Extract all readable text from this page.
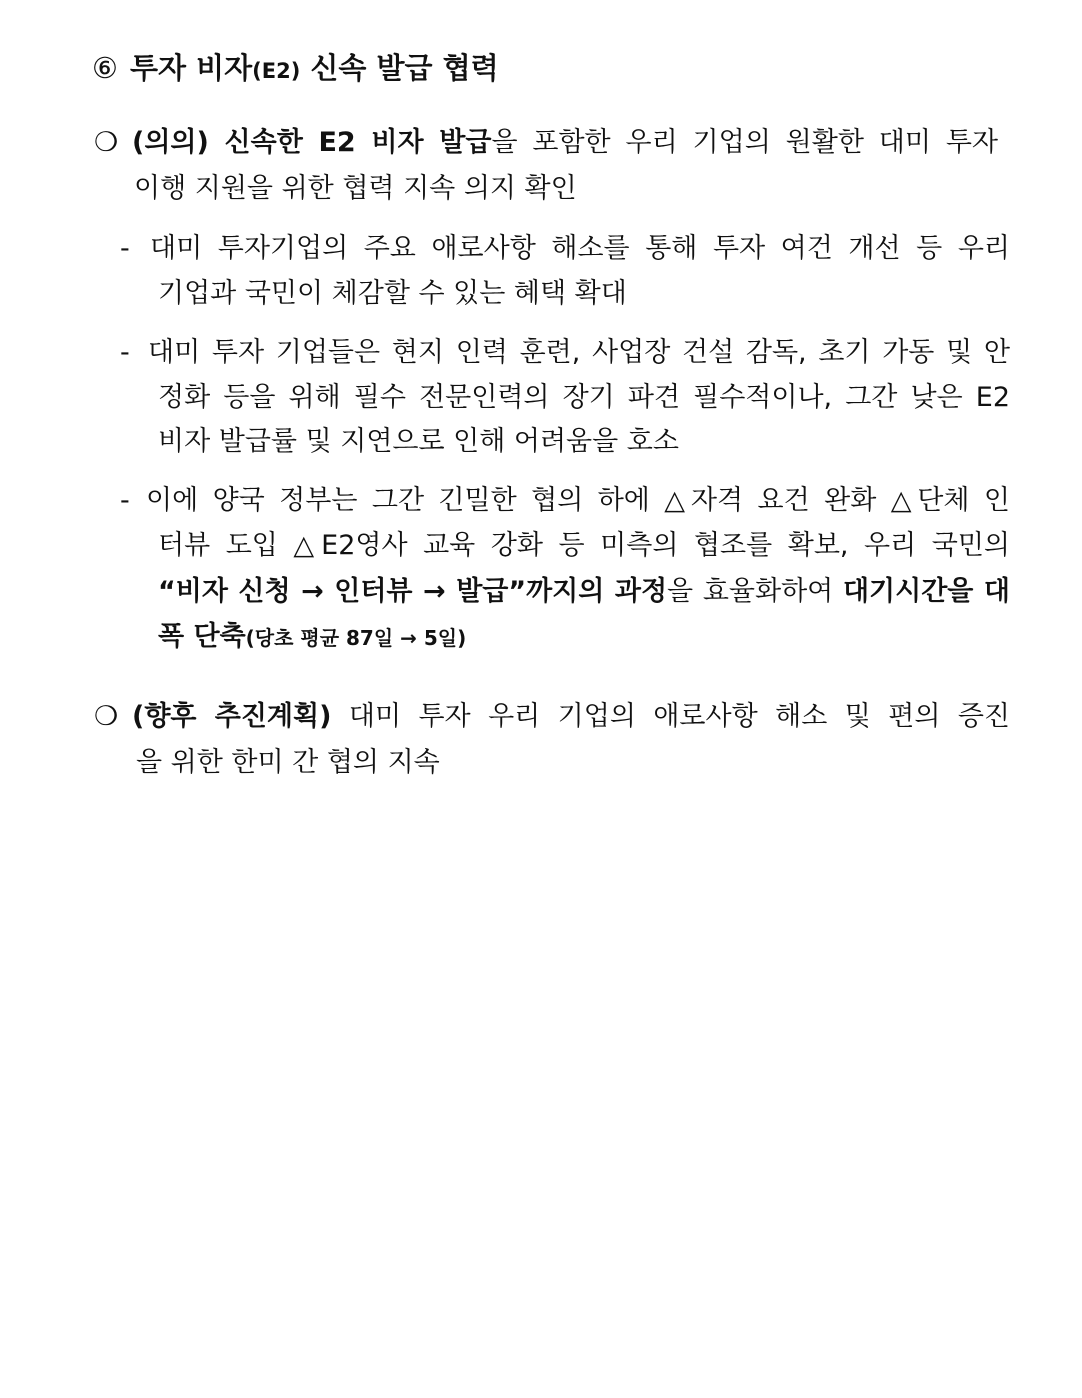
⑥ 투자 비자(E2) 신속 발급 협력
❍ (의의) 신속한 E2 비자 발급을 포함한 우리 기업의 원활한 대미 투자

이행 지원을 위한 협력 지속 의지 확인

- 대미 투자기업의 주요 애로사항 해소를 통해 투자 여건 개선 등 우리

기업과 국민이 체감할 수 있는 혜택 확대

- 대미 투자 기업들은 현지 인력 훈련, 사업장 건설 감독, 초기 가동 및 안

정화 등을 위해 필수 전문인력의 장기 파견 필수적이나, 그간 낮은 E2

비자 발급률 및 지연으로 인해 어려움을 호소

- 이에 양국 정부는 그간 긴밀한 협의 하에 △자격 요건 완화 △단체 인

터뷰 도입 △E2영사 교육 강화 등 미측의 협조를 확보, 우리 국민의

“비자 신청 → 인터뷰 → 발급”까지의 과정을 효율화하여 대기시간을 대

폭 단축(당초 평균 87일 → 5일)

❍ (향후 추진계획) 대미 투자 우리 기업의 애로사항 해소 및 편의 증진

을 위한 한미 간 협의 지속
